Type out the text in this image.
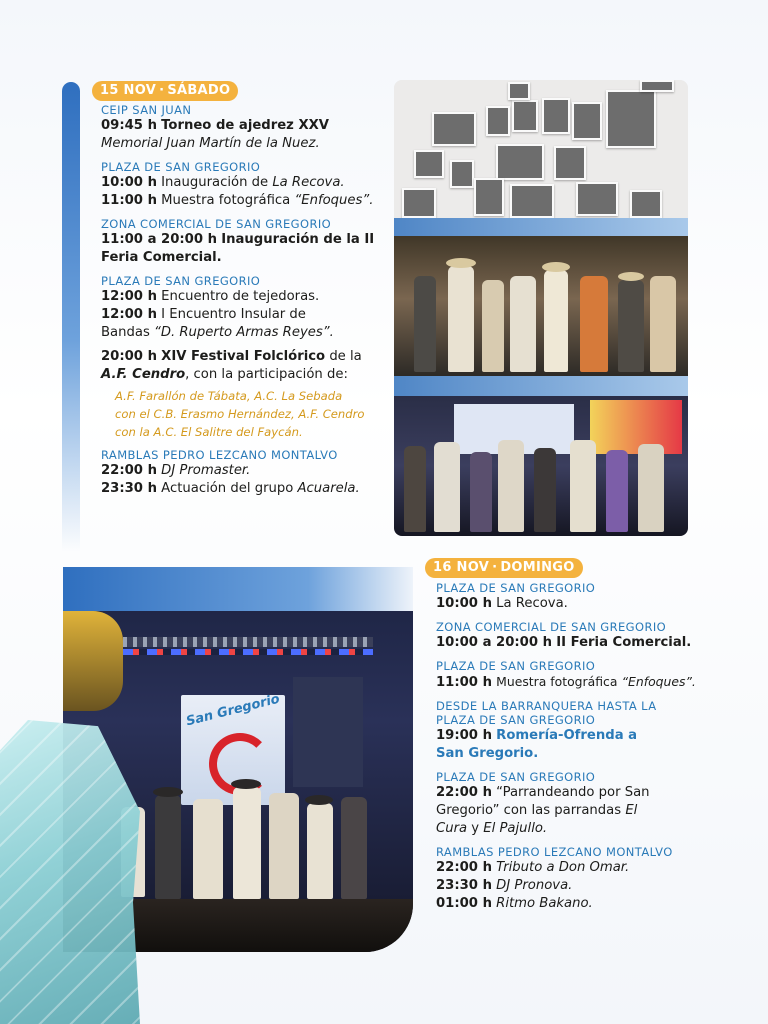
15 NOV · SÁBADO
CEIP SAN JUAN
09:45 h Torneo de ajedrez XXV
Memorial Juan Martín de la Nuez.
PLAZA DE SAN GREGORIO
10:00 h Inauguración de La Recova.
11:00 h Muestra fotográfica “Enfoques”.
ZONA COMERCIAL DE SAN GREGORIO
11:00 a 20:00 h Inauguración de la II
Feria Comercial.
PLAZA DE SAN GREGORIO
12:00 h Encuentro de tejedoras.
12:00 h I Encuentro Insular de
Bandas “D. Ruperto Armas Reyes”.
20:00 h XIV Festival Folclórico de la
A.F. Cendro, con la participación de:
A.F. Farallón de Tábata, A.C. La Sebada
con el C.B. Erasmo Hernández, A.F. Cendro
con la A.C. El Salitre del Faycán.
RAMBLAS PEDRO LEZCANO MONTALVO
22:00 h DJ Promaster.
23:30 h Actuación del grupo Acuarela.
San Gregorio
16 NOV · DOMINGO
PLAZA DE SAN GREGORIO
10:00 h La Recova.
ZONA COMERCIAL DE SAN GREGORIO
10:00 a 20:00 h II Feria Comercial.
PLAZA DE SAN GREGORIO
11:00 h Muestra fotográfica “Enfoques”.
DESDE LA BARRANQUERA HASTA LA
PLAZA DE SAN GREGORIO
19:00 h Romería-Ofrenda a
San Gregorio.
PLAZA DE SAN GREGORIO
22:00 h “Parrandeando por San
Gregorio” con las parrandas El
Cura y El Pajullo.
RAMBLAS PEDRO LEZCANO MONTALVO
22:00 h Tributo a Don Omar.
23:30 h DJ Pronova.
01:00 h Ritmo Bakano.
